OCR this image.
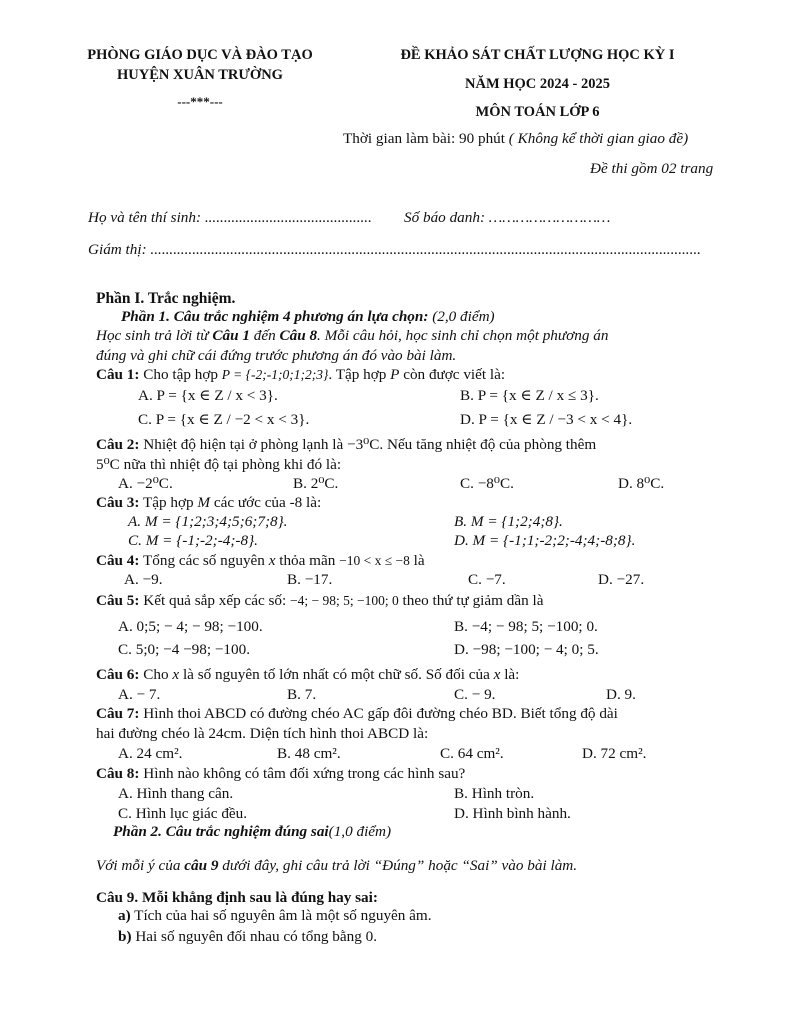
PHÒNG GIÁO DỤC VÀ ĐÀO TẠO
HUYỆN XUÂN TRƯỜNG
---***---
ĐỀ KHẢO SÁT CHẤT LƯỢNG HỌC KỲ I
NĂM HỌC 2024 - 2025
MÔN TOÁN LỚP 6
Thời gian làm bài: 90 phút ( Không kể thời gian giao đề)
Đề thi gồm 02 trang
Họ và tên thí sinh: ............................................ Số báo danh: ………………………
Giám thị: .................................................................................................................................................
Phần I. Trắc nghiệm.
Phần 1. Câu trắc nghiệm 4 phương án lựa chọn: (2,0 điểm)
Học sinh trả lời từ Câu 1 đến Câu 8. Mỗi câu hỏi, học sinh chỉ chọn một phương án
đúng và ghi chữ cái đứng trước phương án đó vào bài làm.
Câu 1: Cho tập hợp P = {-2;-1;0;1;2;3}. Tập hợp P còn được viết là:
A. P = {x ∈ Z / x < 3}.	B. P = {x ∈ Z / x ≤ 3}.
C. P = {x ∈ Z / −2 < x < 3}.	D. P = {x ∈ Z / −3 < x < 4}.
Câu 2: Nhiệt độ hiện tại ở phòng lạnh là −3⁰C. Nếu tăng nhiệt độ của phòng thêm
5⁰C nữa thì nhiệt độ tại phòng khi đó là:
A. −2⁰C.	B. 2⁰C.	C. −8⁰C.	D. 8⁰C.
Câu 3: Tập hợp M các ước của -8 là:
A. M = {1;2;3;4;5;6;7;8}.	B. M = {1;2;4;8}.
C. M = {-1;-2;-4;-8}.	D. M = {-1;1;-2;2;-4;4;-8;8}.
Câu 4: Tổng các số nguyên x thỏa mãn −10 < x ≤ −8 là
A. −9.	B. −17.	C. −7.	D. −27.
Câu 5: Kết quả sắp xếp các số: −4; − 98; 5; −100; 0 theo thứ tự giảm dần là
A. 0;5; − 4; − 98; −100.	B. −4; − 98; 5; −100; 0.
C. 5;0; −4 −98; −100.	D. −98; −100; − 4; 0; 5.
Câu 6: Cho x là số nguyên tố lớn nhất có một chữ số. Số đối của x là:
A. − 7.	B. 7.	C. − 9.	D. 9.
Câu 7: Hình thoi ABCD có đường chéo AC gấp đôi đường chéo BD. Biết tổng độ dài
hai đường chéo là 24cm. Diện tích hình thoi ABCD là:
A. 24 cm².	B. 48 cm².	C. 64 cm².	D. 72 cm².
Câu 8: Hình nào không có tâm đối xứng trong các hình sau?
A. Hình thang cân.	B. Hình tròn.
C. Hình lục giác đều.	D. Hình bình hành.
Phần 2. Câu trắc nghiệm đúng sai(1,0 điểm)
Với mỗi ý của câu 9 dưới đây, ghi câu trả lời “Đúng” hoặc “Sai” vào bài làm.
Câu 9. Mỗi khẳng định sau là đúng hay sai:
a) Tích của hai số nguyên âm là một số nguyên âm.
b) Hai số nguyên đối nhau có tổng bằng 0.
